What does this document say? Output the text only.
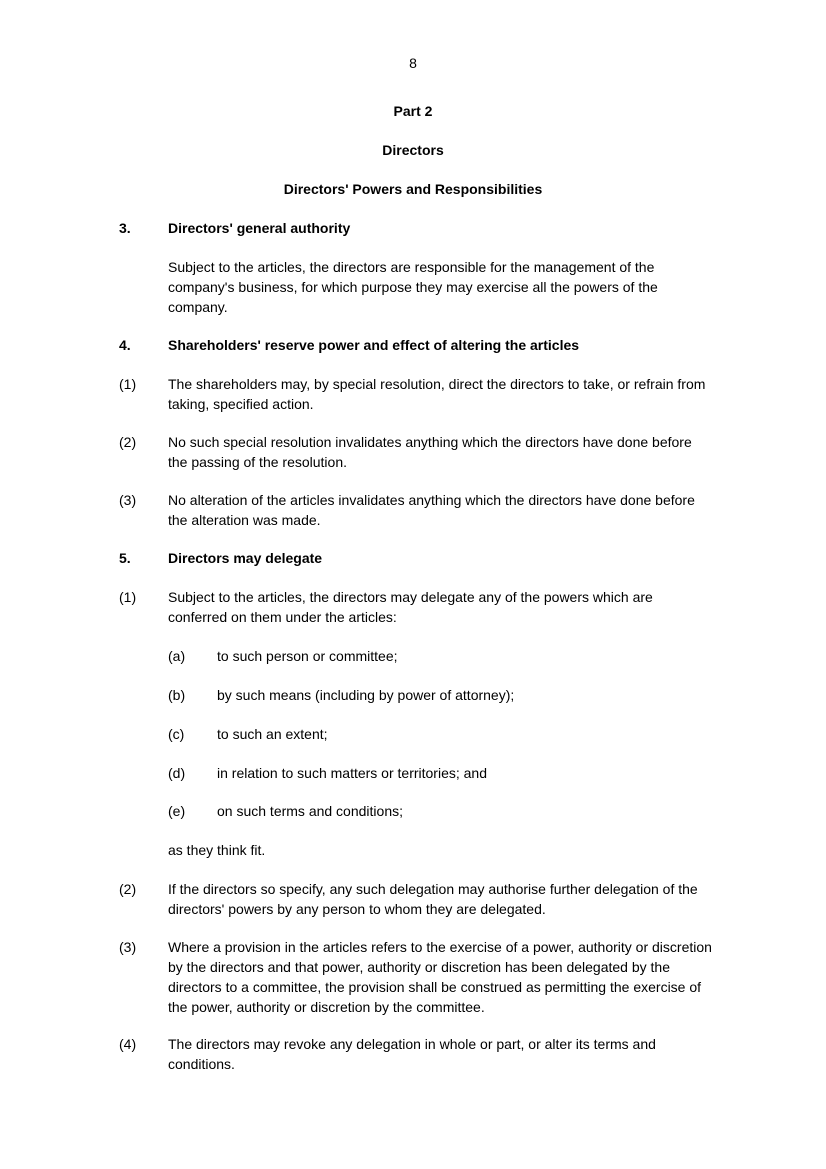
8
Part 2
Directors
Directors' Powers and Responsibilities
3.	Directors' general authority
Subject to the articles, the directors are responsible for the management of the company's business, for which purpose they may exercise all the powers of the company.
4.	Shareholders' reserve power and effect of altering the articles
(1) The shareholders may, by special resolution, direct the directors to take, or refrain from taking, specified action.
(2) No such special resolution invalidates anything which the directors have done before the passing of the resolution.
(3) No alteration of the articles invalidates anything which the directors have done before the alteration was made.
5.	Directors may delegate
(1) Subject to the articles, the directors may delegate any of the powers which are conferred on them under the articles:
(a) to such person or committee;
(b) by such means (including by power of attorney);
(c) to such an extent;
(d) in relation to such matters or territories; and
(e) on such terms and conditions;
as they think fit.
(2) If the directors so specify, any such delegation may authorise further delegation of the directors' powers by any person to whom they are delegated.
(3) Where a provision in the articles refers to the exercise of a power, authority or discretion by the directors and that power, authority or discretion has been delegated by the directors to a committee, the provision shall be construed as permitting the exercise of the power, authority or discretion by the committee.
(4) The directors may revoke any delegation in whole or part, or alter its terms and conditions.
